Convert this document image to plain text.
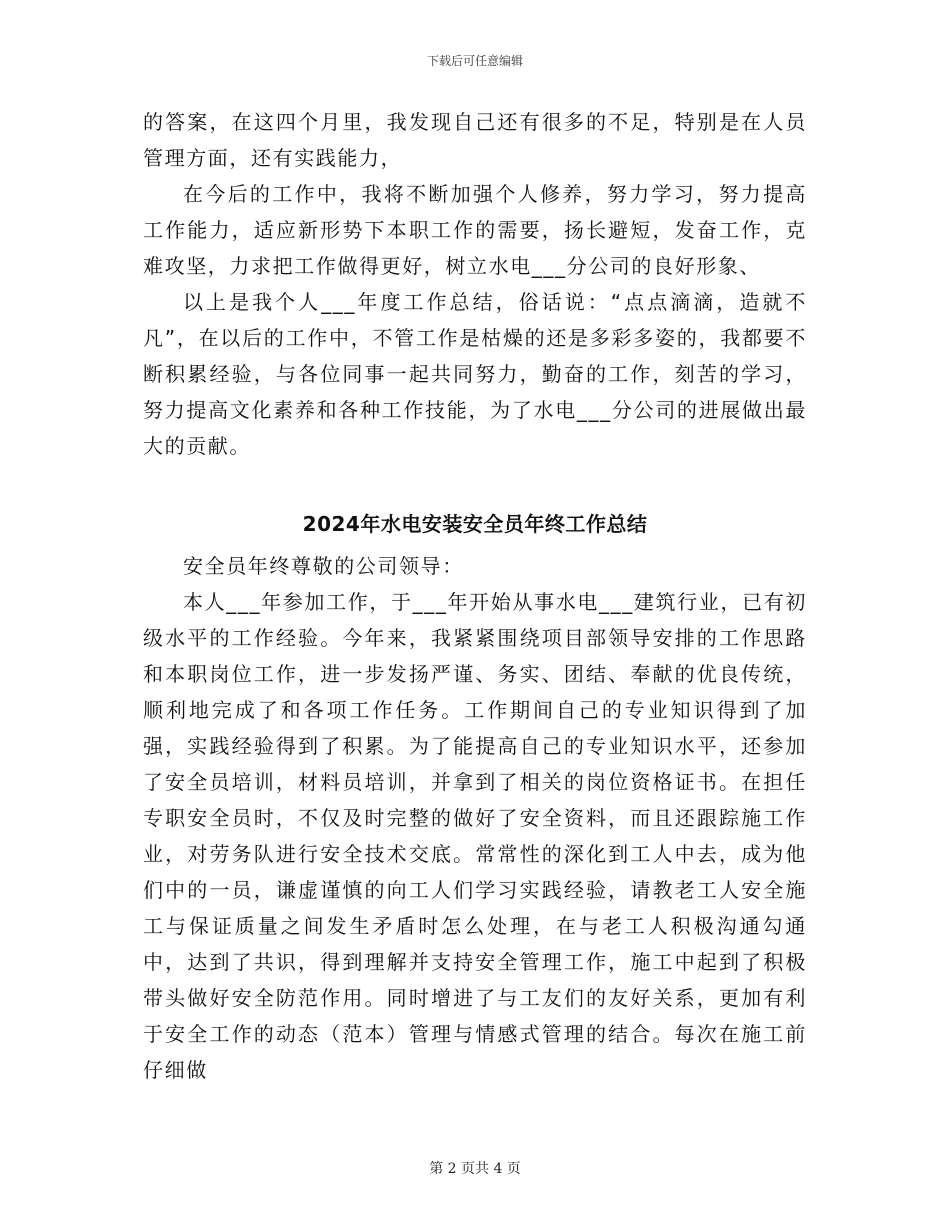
下载后可任意编辑

的答案，在这四个月里，我发现自己还有很多的不足，特别是在人员管理方面，还有实践能力，

在今后的工作中，我将不断加强个人修养，努力学习，努力提高工作能力，适应新形势下本职工作的需要，扬长避短，发奋工作，克难攻坚，力求把工作做得更好，树立水电___分公司的良好形象、

以上是我个人___年度工作总结，俗话说：“点点滴滴，造就不凡”，在以后的工作中，不管工作是枯燥的还是多彩多姿的，我都要不断积累经验，与各位同事一起共同努力，勤奋的工作，刻苦的学习，努力提高文化素养和各种工作技能，为了水电___分公司的进展做出最大的贡献。

2024年水电安装安全员年终工作总结

安全员年终尊敬的公司领导：

本人___年参加工作，于___年开始从事水电___建筑行业，已有初级水平的工作经验。今年来，我紧紧围绕项目部领导安排的工作思路和本职岗位工作，进一步发扬严谨、务实、团结、奉献的优良传统，顺利地完成了和各项工作任务。工作期间自己的专业知识得到了加强，实践经验得到了积累。为了能提高自己的专业知识水平，还参加了安全员培训，材料员培训，并拿到了相关的岗位资格证书。在担任专职安全员时，不仅及时完整的做好了安全资料，而且还跟踪施工作业，对劳务队进行安全技术交底。常常性的深化到工人中去，成为他们中的一员，谦虚谨慎的向工人们学习实践经验，请教老工人安全施工与保证质量之间发生矛盾时怎么处理，在与老工人积极沟通勾通中，达到了共识，得到理解并支持安全管理工作，施工中起到了积极带头做好安全防范作用。同时增进了与工友们的友好关系，更加有利于安全工作的动态（范本）管理与情感式管理的结合。每次在施工前仔细做

第 2 页共 4 页
